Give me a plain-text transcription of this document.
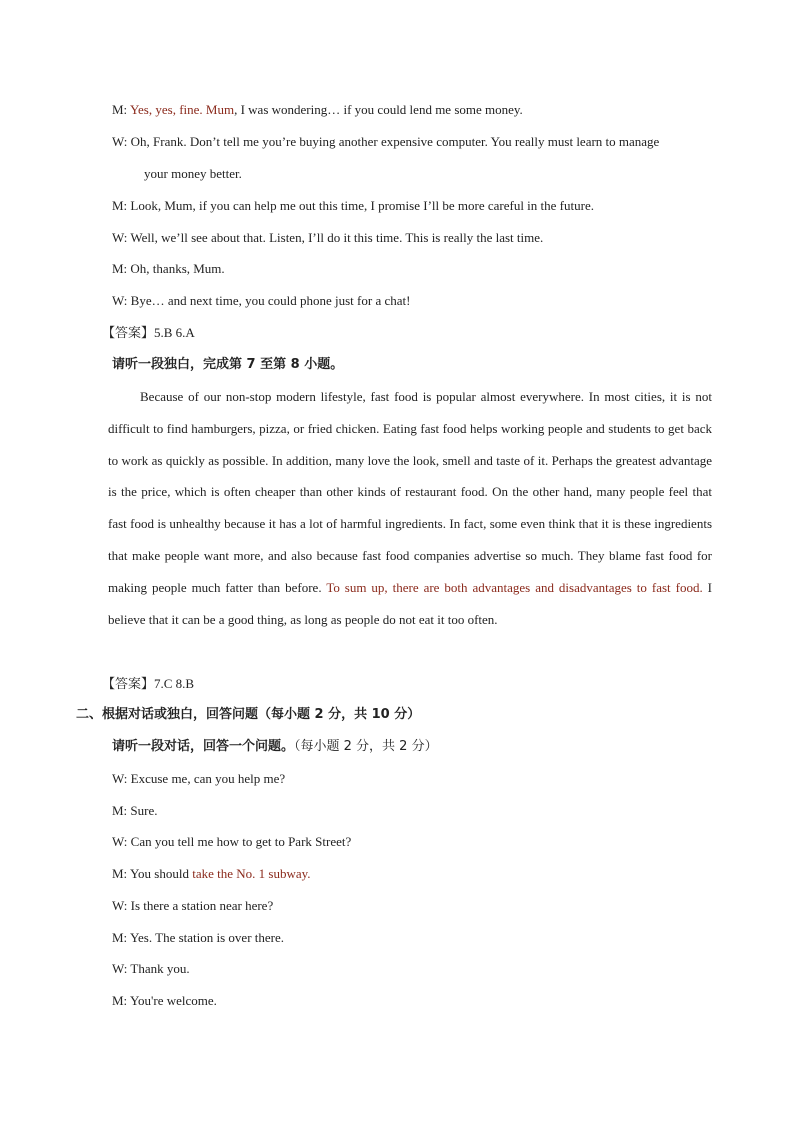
M: Yes, yes, fine. Mum, I was wondering… if you could lend me some money.
W: Oh, Frank. Don’t tell me you’re buying another expensive computer. You really must learn to manage
your money better.
M: Look, Mum, if you can help me out this time, I promise I’ll be more careful in the future.
W: Well, we’ll see about that. Listen, I’ll do it this time. This is really the last time.
M: Oh, thanks, Mum.
W: Bye… and next time, you could phone just for a chat!
【答案】5.B 6.A
请听一段独白，完成第 7 至第 8 小题。
Because of our non-stop modern lifestyle, fast food is popular almost everywhere. In most cities, it is not difficult to find hamburgers, pizza, or fried chicken. Eating fast food helps working people and students to get back to work as quickly as possible. In addition, many love the look, smell and taste of it. Perhaps the greatest advantage is the price, which is often cheaper than other kinds of restaurant food. On the other hand, many people feel that fast food is unhealthy because it has a lot of harmful ingredients. In fact, some even think that it is these ingredients that make people want more, and also because fast food companies advertise so much. They blame fast food for making people much fatter than before. To sum up, there are both advantages and disadvantages to fast food. I believe that it can be a good thing, as long as people do not eat it too often.
【答案】7.C 8.B
二、根据对话或独白，回答问题（每小题 2 分，共 10 分）
请听一段对话，回答一个问题。（每小题 2 分，共 2 分）
W: Excuse me, can you help me?
M: Sure.
W: Can you tell me how to get to Park Street?
M: You should take the No. 1 subway.
W: Is there a station near here?
M: Yes. The station is over there.
W: Thank you.
M: You're welcome.
